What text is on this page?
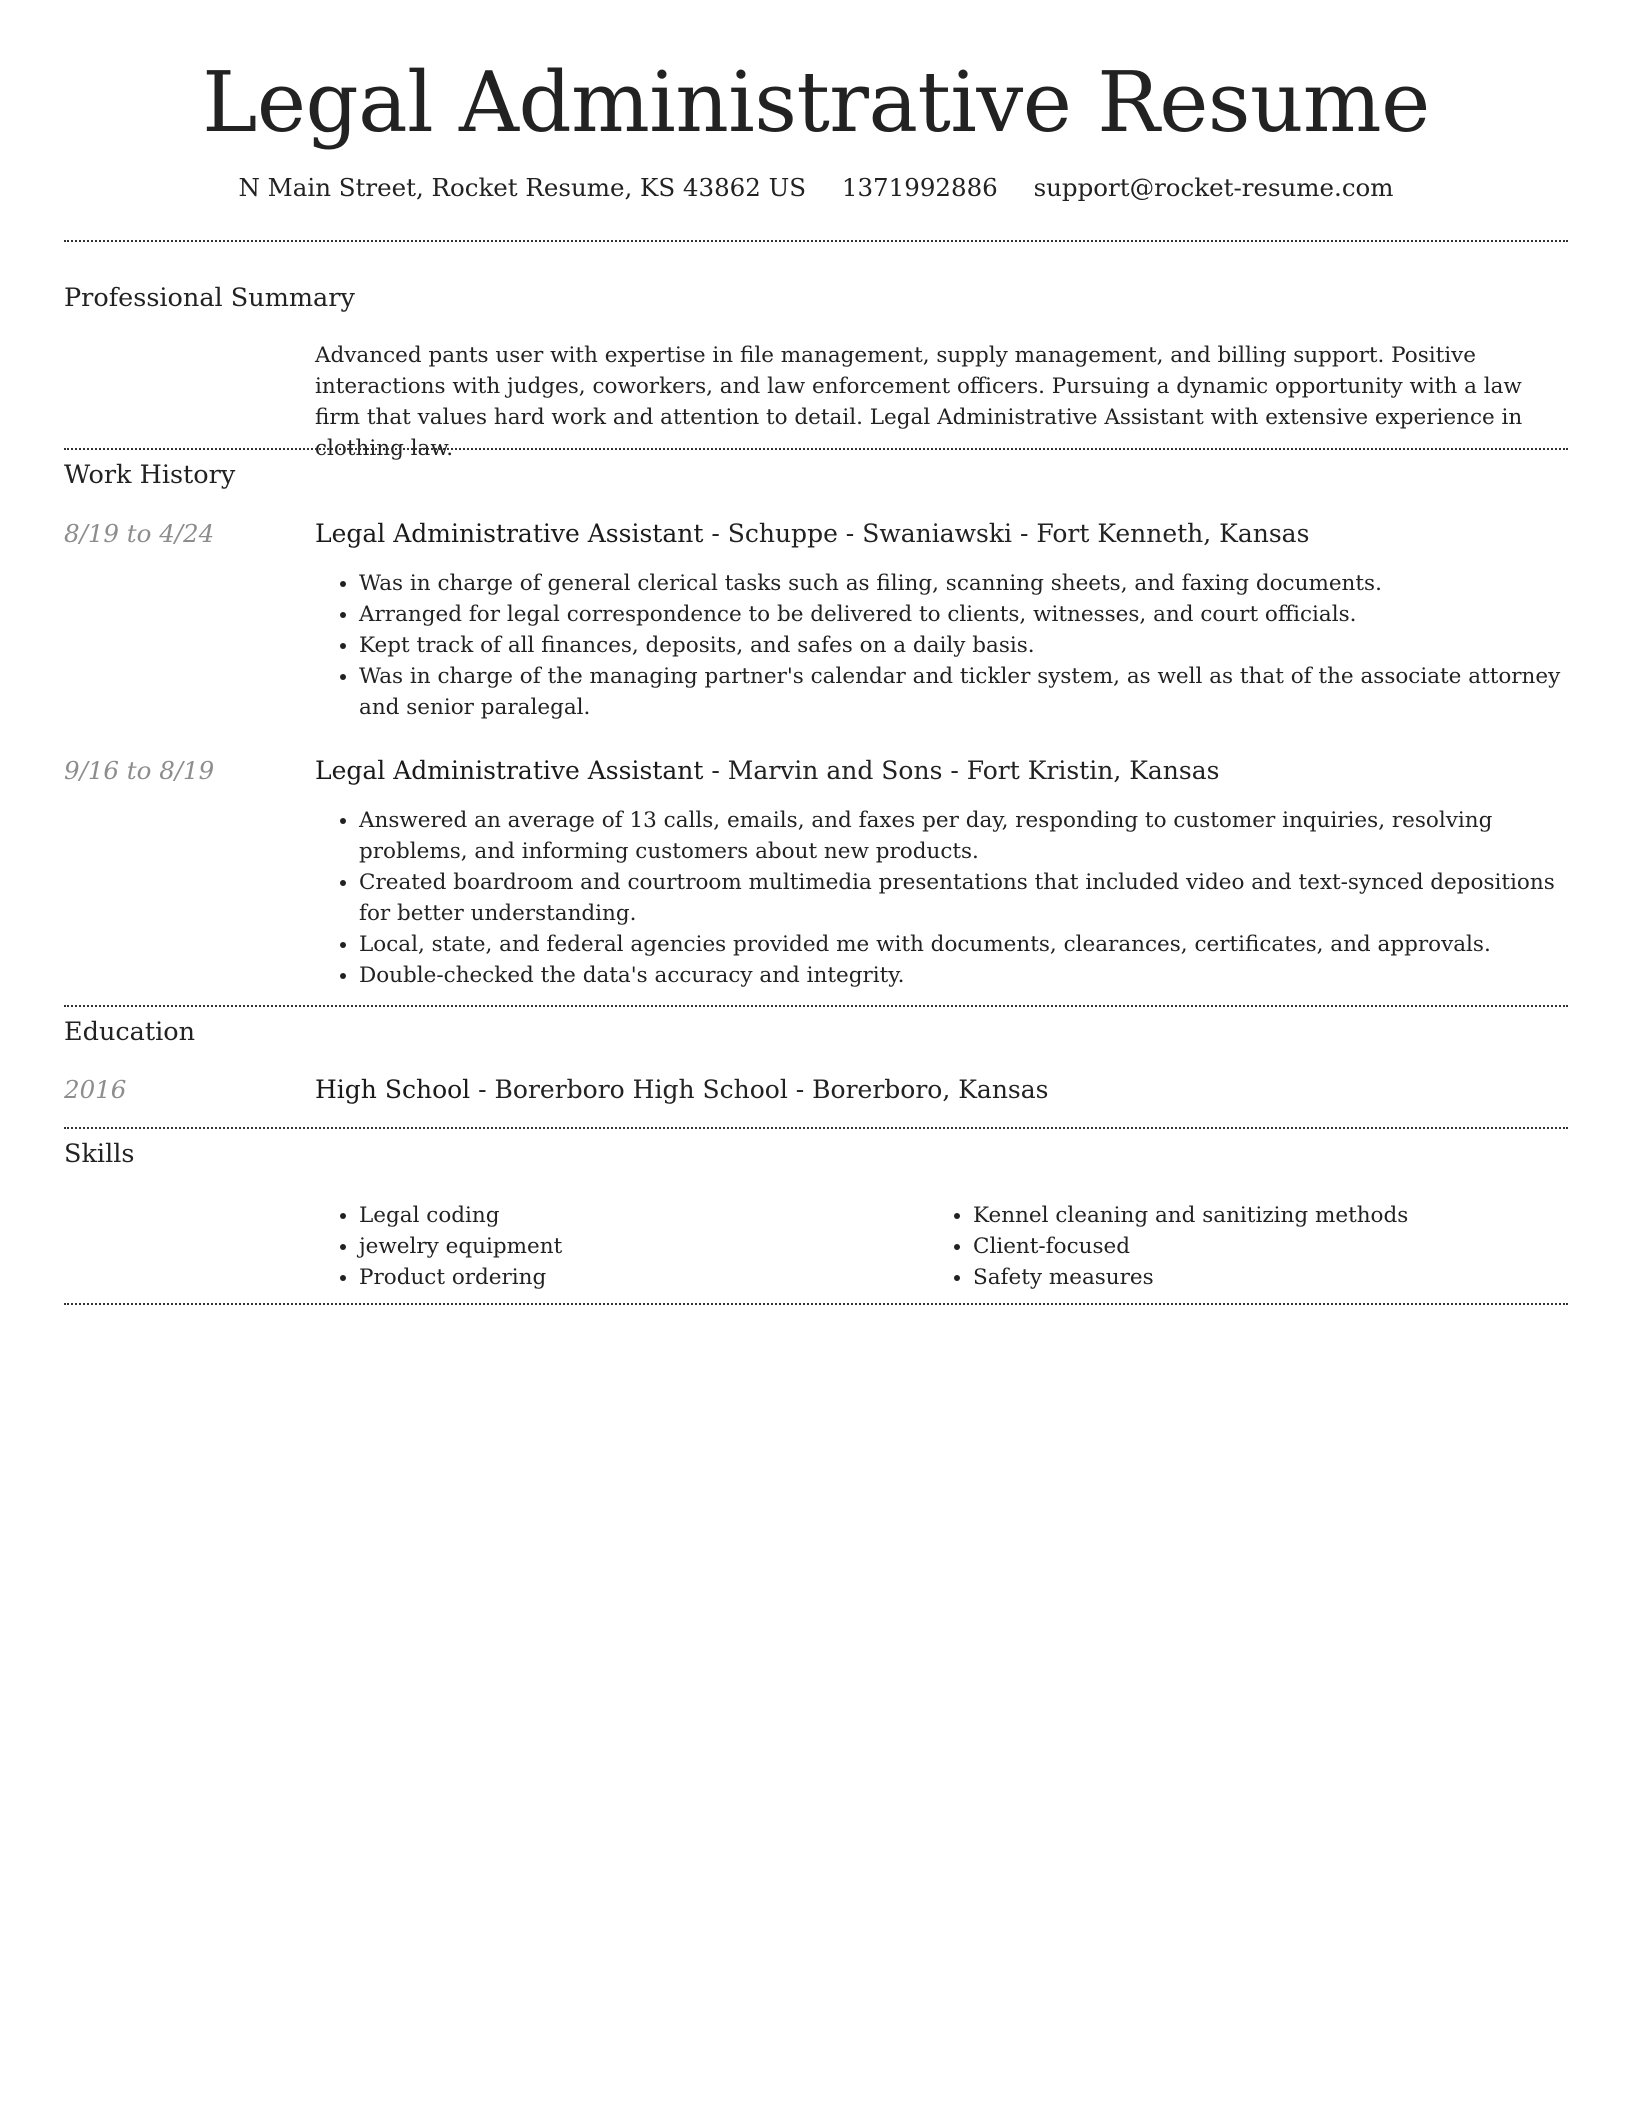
Legal Administrative Resume
N Main Street, Rocket Resume, KS 43862 US 1371992886 support@rocket-resume.com
Professional Summary
Advanced pants user with expertise in file management, supply management, and billing support. Positive interactions with judges, coworkers, and law enforcement officers. Pursuing a dynamic opportunity with a law firm that values hard work and attention to detail. Legal Administrative Assistant with extensive experience in clothing law.
Work History
8/19 to 4/24	Legal Administrative Assistant - Schuppe - Swaniawski - Fort Kenneth, Kansas
• Was in charge of general clerical tasks such as filing, scanning sheets, and faxing documents.
• Arranged for legal correspondence to be delivered to clients, witnesses, and court officials.
• Kept track of all finances, deposits, and safes on a daily basis.
• Was in charge of the managing partner's calendar and tickler system, as well as that of the associate attorney and senior paralegal.
9/16 to 8/19	Legal Administrative Assistant - Marvin and Sons - Fort Kristin, Kansas
• Answered an average of 13 calls, emails, and faxes per day, responding to customer inquiries, resolving problems, and informing customers about new products.
• Created boardroom and courtroom multimedia presentations that included video and text-synced depositions for better understanding.
• Local, state, and federal agencies provided me with documents, clearances, certificates, and approvals.
• Double-checked the data's accuracy and integrity.
Education
2016	High School - Borerboro High School - Borerboro, Kansas
Skills
• Legal coding
• jewelry equipment
• Product ordering
• Kennel cleaning and sanitizing methods
• Client-focused
• Safety measures
